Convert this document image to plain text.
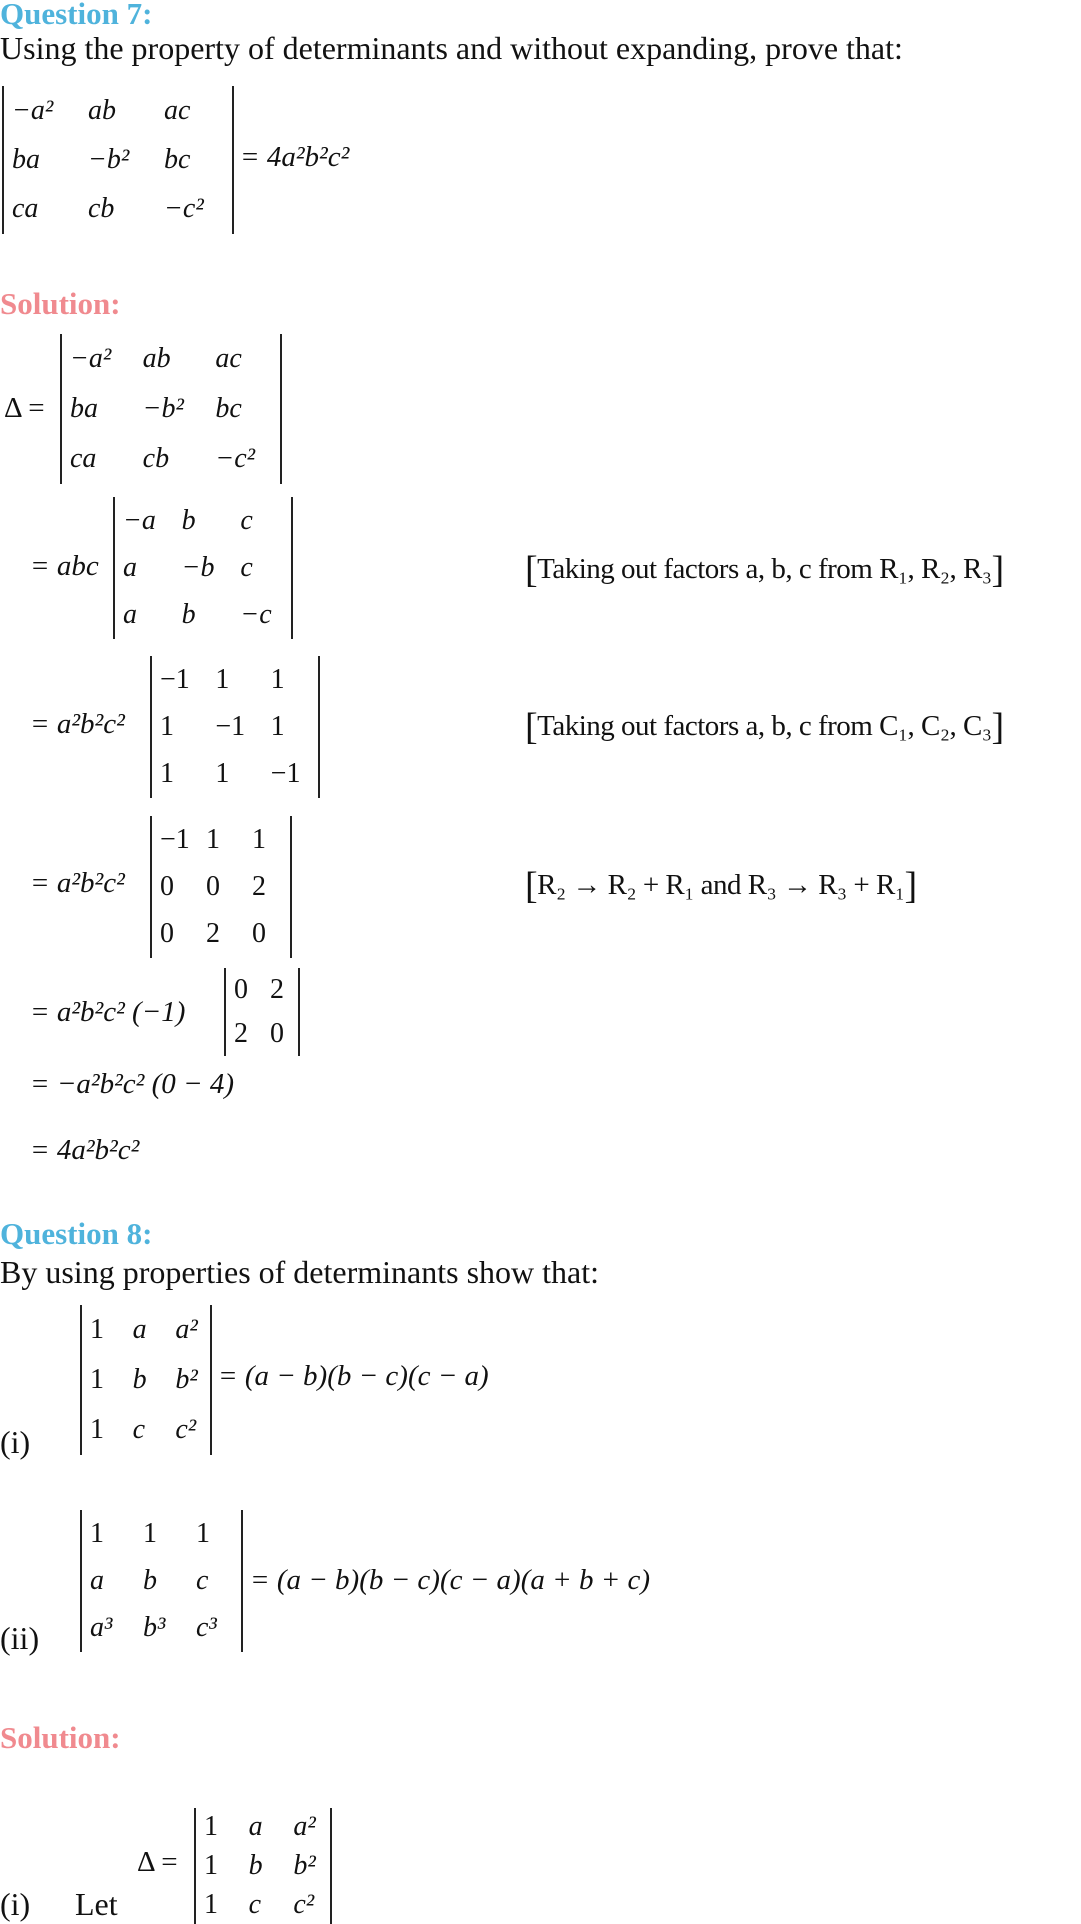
Question 7:
Using the property of determinants and without expanding, prove that:
−a²	ab	ac
ba	−b²	bc
ca	cb	−c²
= 4a²b²c²
Solution:
Δ =
−a²	ab	ac
ba	−b²	bc
ca	cb	−c²
= abc
−a b	c
a	−b c
a	b	−c
[Taking out factors a, b, c from R₁, R₂, R₃]
= a²b²c²
−1 1	1
1	−1 1
1	1	−1
[Taking out factors a, b, c from C₁, C₂, C₃]
= a²b²c²
−1 1	1
0	0	2
0	2	0
[R₂ → R₂ + R₁ and R₃ → R₃ + R₁]
= a²b²c² (−1)
0 2
2 0
= −a²b²c² (0 − 4)
= 4a²b²c²
Question 8:
By using properties of determinants show that:
(i)
1	a	a²
1	b	b²
1	c	c²
= (a − b)(b − c)(c − a)
(ii)
1	1	1
a	b	c
a³	b³	c³
= (a − b)(b − c)(c − a)(a + b + c)
Solution:
(i) Let
Δ =
1	a	a²
1	b	b²
1	c	c²
